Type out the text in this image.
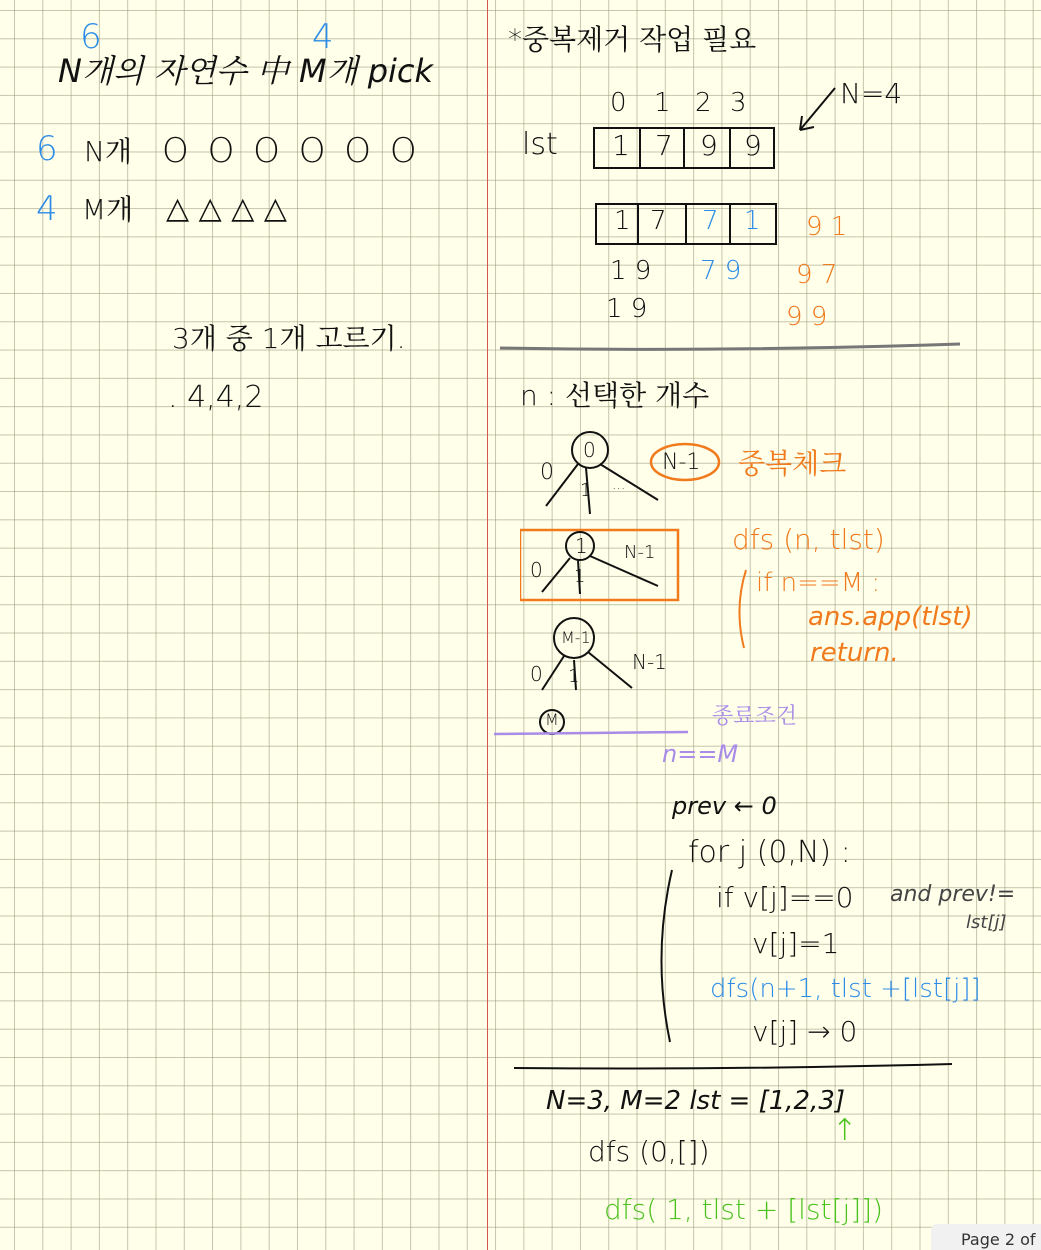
6	4
N개의 자연수 中 M개 pick
6 N개 O O O O O O
4 M개 △ △ △ △
3개 중 1개 고르기.
. 4,4,2
*중복제거 작업 필요
0 1 2 3
lst 1 7 9 9
N=4
1 7 7 1 9 1
1 9 7 9 9 7
1 9	9 9
n : 선택한 개수
0
0
1 ...
N-1 중복체크
1
0 1
N-1
M-1
0 1
N-1
M	종료조건
n==M
dfs (n, tlst)
if n==M :
ans.app(tlst)
return.
prev ← 0
for j (0,N) :
if v[j]==0 and prev!=
lst[j]
v[j]=1
dfs(n+1, tlst +[lst[j]]
v[j] → 0
N=3, M=2 lst = [1,2,3]
↑
dfs (0,[])
dfs( 1, tlst + [lst[j]])
Page 2 of
